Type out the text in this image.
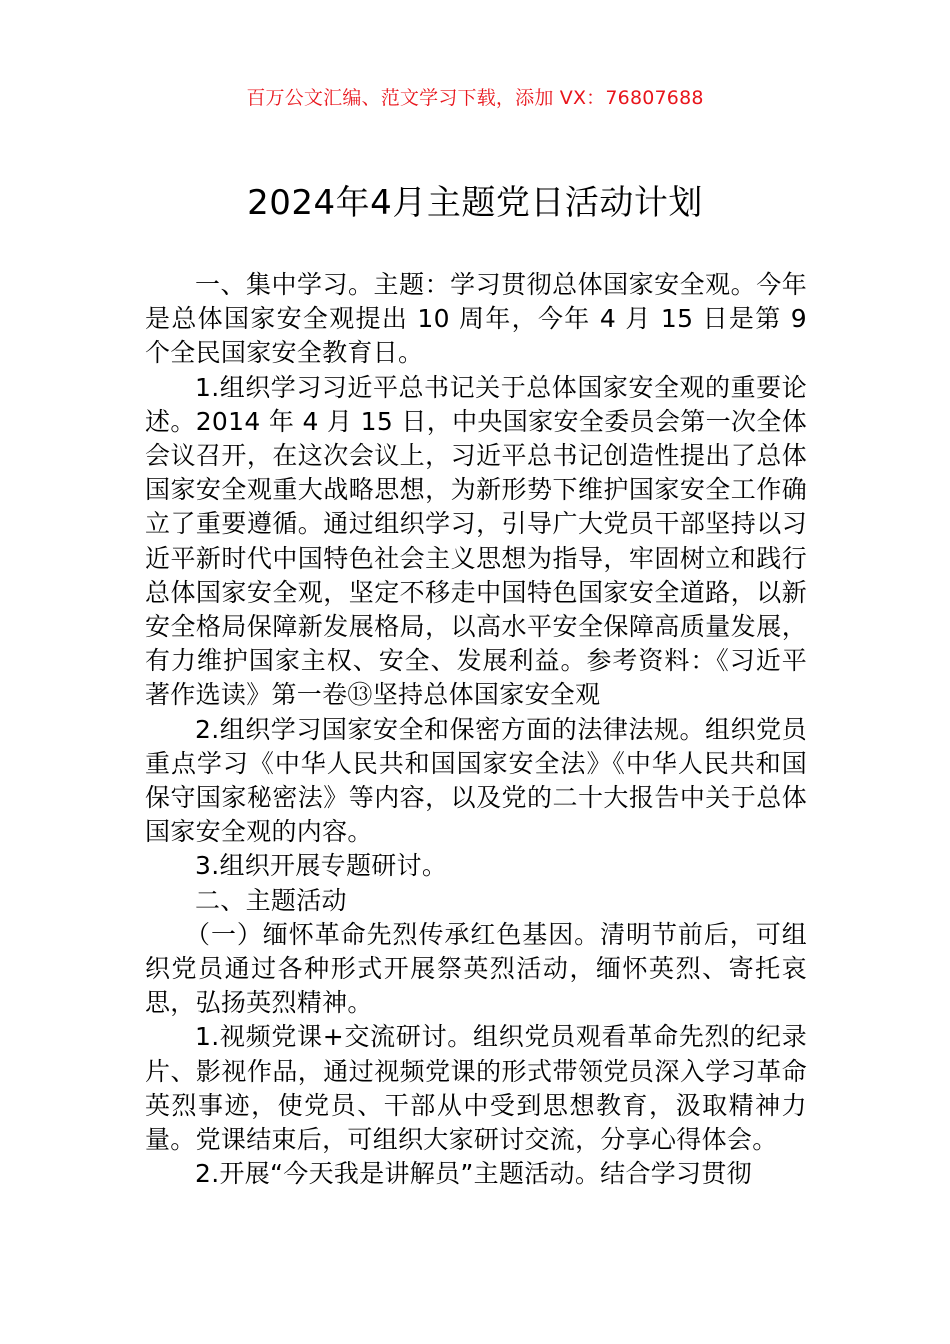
百万公文汇编、范文学习下载，添加 VX：76807688
2024年4月主题党日活动计划

一、集中学习。主题：学习贯彻总体国家安全观。今年是总体国家安全观提出 10 周年，今年 4 月 15 日是第 9 个全民国家安全教育日。

1.组织学习习近平总书记关于总体国家安全观的重要论述。2014 年 4 月 15 日，中央国家安全委员会第一次全体会议召开，在这次会议上，习近平总书记创造性提出了总体国家安全观重大战略思想，为新形势下维护国家安全工作确立了重要遵循。通过组织学习，引导广大党员干部坚持以习近平新时代中国特色社会主义思想为指导，牢固树立和践行总体国家安全观，坚定不移走中国特色国家安全道路，以新安全格局保障新发展格局，以高水平安全保障高质量发展，有力维护国家主权、安全、发展利益。参考资料：《习近平著作选读》第一卷⑬坚持总体国家安全观

2.组织学习国家安全和保密方面的法律法规。组织党员重点学习《中华人民共和国国家安全法》《中华人民共和国保守国家秘密法》等内容，以及党的二十大报告中关于总体国家安全观的内容。

3.组织开展专题研讨。

二、主题活动

（一）缅怀革命先烈传承红色基因。清明节前后，可组织党员通过各种形式开展祭英烈活动，缅怀英烈、寄托哀思，弘扬英烈精神。

1.视频党课+交流研讨。组织党员观看革命先烈的纪录片、影视作品，通过视频党课的形式带领党员深入学习革命英烈事迹，使党员、干部从中受到思想教育，汲取精神力量。党课结束后，可组织大家研讨交流，分享心得体会。

2.开展“今天我是讲解员”主题活动。结合学习贯彻
